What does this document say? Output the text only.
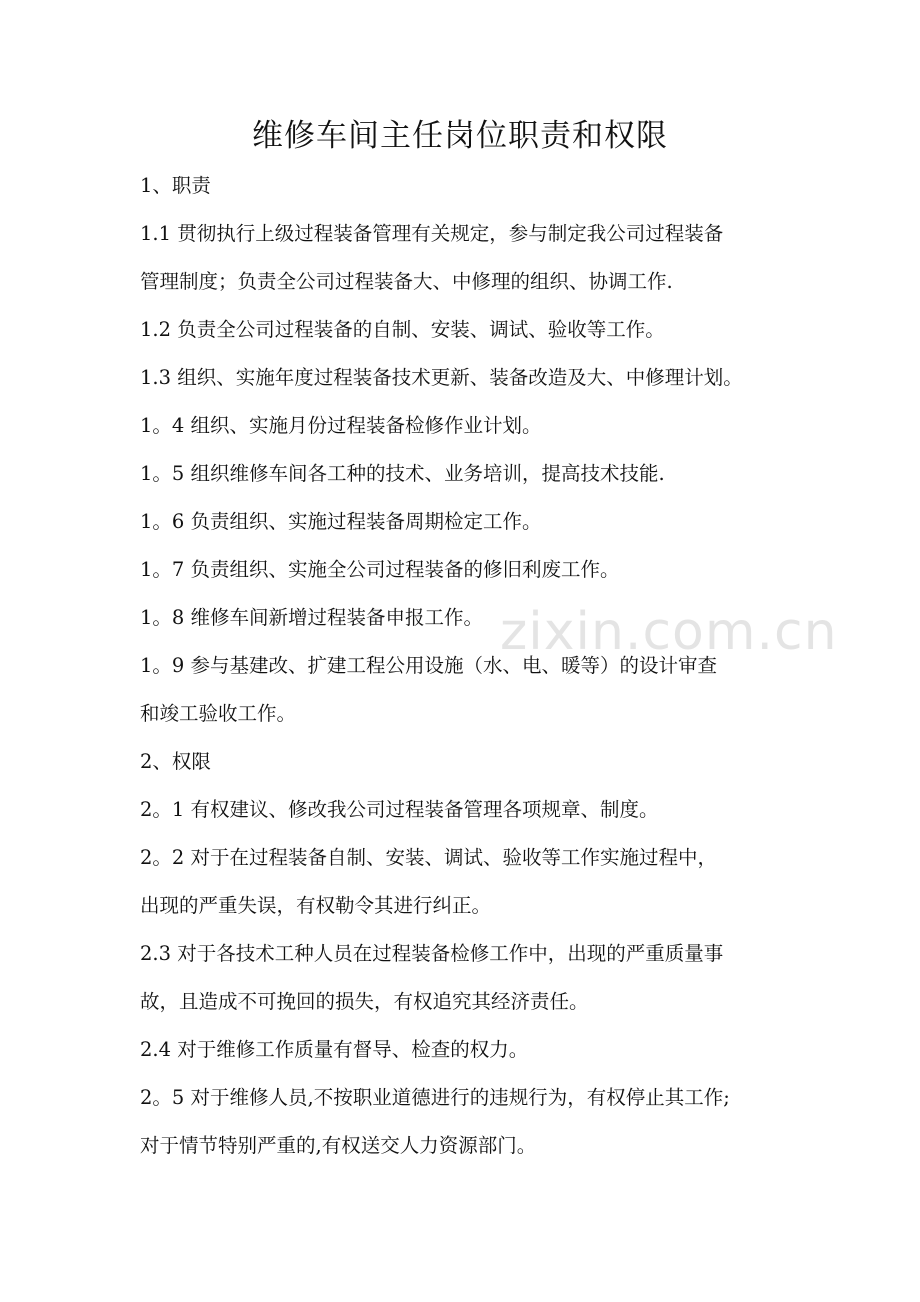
维修车间主任岗位职责和权限
1、职责
1.1 贯彻执行上级过程装备管理有关规定，参与制定我公司过程装备
管理制度；负责全公司过程装备大、中修理的组织、协调工作.
1.2 负责全公司过程装备的自制、安装、调试、验收等工作。
1.3 组织、实施年度过程装备技术更新、装备改造及大、中修理计划。
1。4 组织、实施月份过程装备检修作业计划。
1。5 组织维修车间各工种的技术、业务培训，提高技术技能.
1。6 负责组织、实施过程装备周期检定工作。
1。7 负责组织、实施全公司过程装备的修旧利废工作。
1。8 维修车间新增过程装备申报工作。
1。9 参与基建改、扩建工程公用设施（水、电、暖等）的设计审查
和竣工验收工作。
2、权限
2。1 有权建议、修改我公司过程装备管理各项规章、制度。
2。2 对于在过程装备自制、安装、调试、验收等工作实施过程中，
出现的严重失误，有权勒令其进行纠正。
2.3 对于各技术工种人员在过程装备检修工作中，出现的严重质量事
故，且造成不可挽回的损失，有权追究其经济责任。
2.4 对于维修工作质量有督导、检查的权力。
2。5 对于维修人员,不按职业道德进行的违规行为，有权停止其工作;
对于情节特别严重的,有权送交人力资源部门。
zixin.com.cn
